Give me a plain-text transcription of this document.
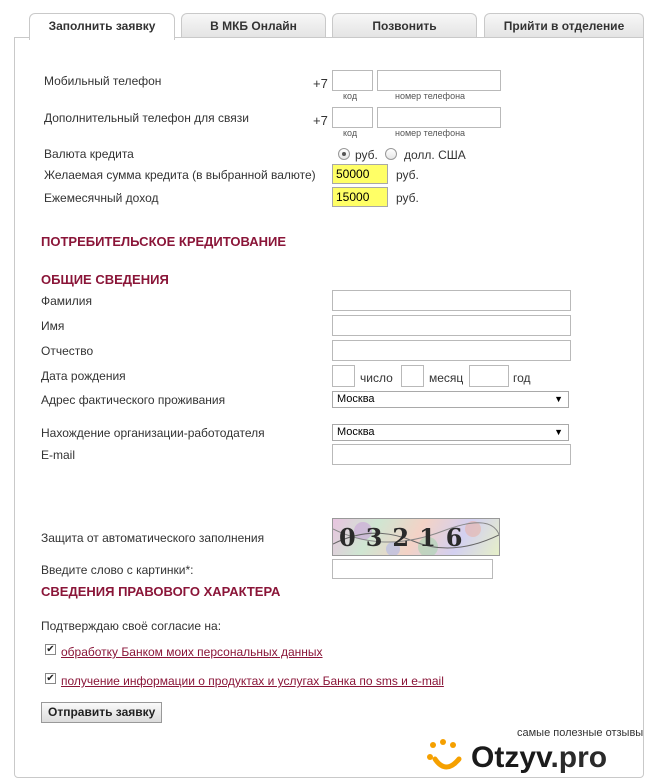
Заполнить заявку	В МКБ Онлайн	Позвонить	Прийти в отделение
Мобильный телефон	+7
код	номер телефона
Дополнительный телефон для связи	+7
код	номер телефона
Валюта кредита	руб. долл. США
Желаемая сумма кредита (в выбранной валюте)	50000	руб.
Ежемесячный доход	15000	руб.
ПОТРЕБИТЕЛЬСКОЕ КРЕДИТОВАНИЕ
ОБЩИЕ СВЕДЕНИЯ
Фамилия
Имя
Отчество
Дата рождения	число	месяц	год
Адрес фактического проживания	Москва	▼
Нахождение организации-работодателя	Москва	▼
E-mail
Защита от автоматического заполнения	03216
Введите слово с картинки*:
СВЕДЕНИЯ ПРАВОВОГО ХАРАКТЕРА
Подтверждаю своё согласие на:
✔ обработку Банком моих персональных данных
✔ получение информации о продуктах и услугах Банка по sms и e-mail
Отправить заявку
самые полезные отзывы
Otzyv.pro
